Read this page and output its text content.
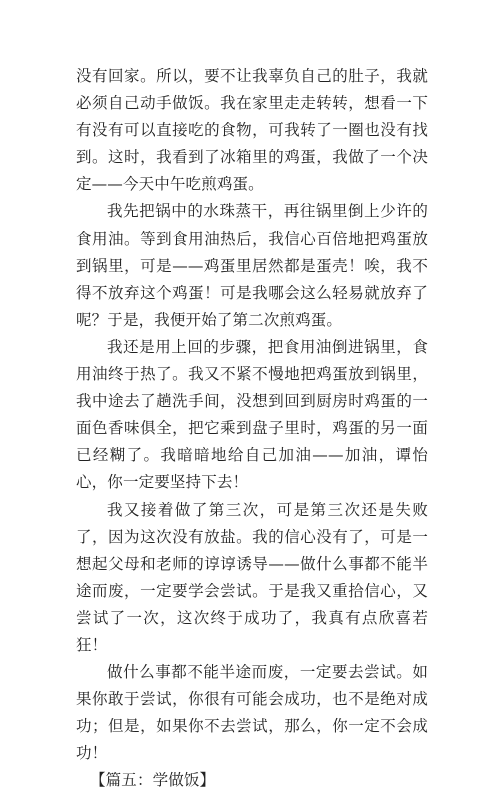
没有回家。所以，要不让我辜负自己的肚子，我就必须自己动手做饭。我在家里走走转转，想看一下有没有可以直接吃的食物，可我转了一圈也没有找到。这时，我看到了冰箱里的鸡蛋，我做了一个决定——今天中午吃煎鸡蛋。

我先把锅中的水珠蒸干，再往锅里倒上少许的食用油。等到食用油热后，我信心百倍地把鸡蛋放到锅里，可是——鸡蛋里居然都是蛋壳！唉，我不得不放弃这个鸡蛋！可是我哪会这么轻易就放弃了呢？于是，我便开始了第二次煎鸡蛋。

我还是用上回的步骤，把食用油倒进锅里，食用油终于热了。我又不紧不慢地把鸡蛋放到锅里，我中途去了趟洗手间，没想到回到厨房时鸡蛋的一面色香味俱全，把它乘到盘子里时，鸡蛋的另一面已经糊了。我暗暗地给自己加油——加油，谭怡心，你一定要坚持下去！

我又接着做了第三次，可是第三次还是失败了，因为这次没有放盐。我的信心没有了，可是一想起父母和老师的谆谆诱导——做什么事都不能半途而废，一定要学会尝试。于是我又重拾信心，又尝试了一次，这次终于成功了，我真有点欣喜若狂！

做什么事都不能半途而废，一定要去尝试。如果你敢于尝试，你很有可能会成功，也不是绝对成功；但是，如果你不去尝试，那么，你一定不会成功！

【篇五：学做饭】
